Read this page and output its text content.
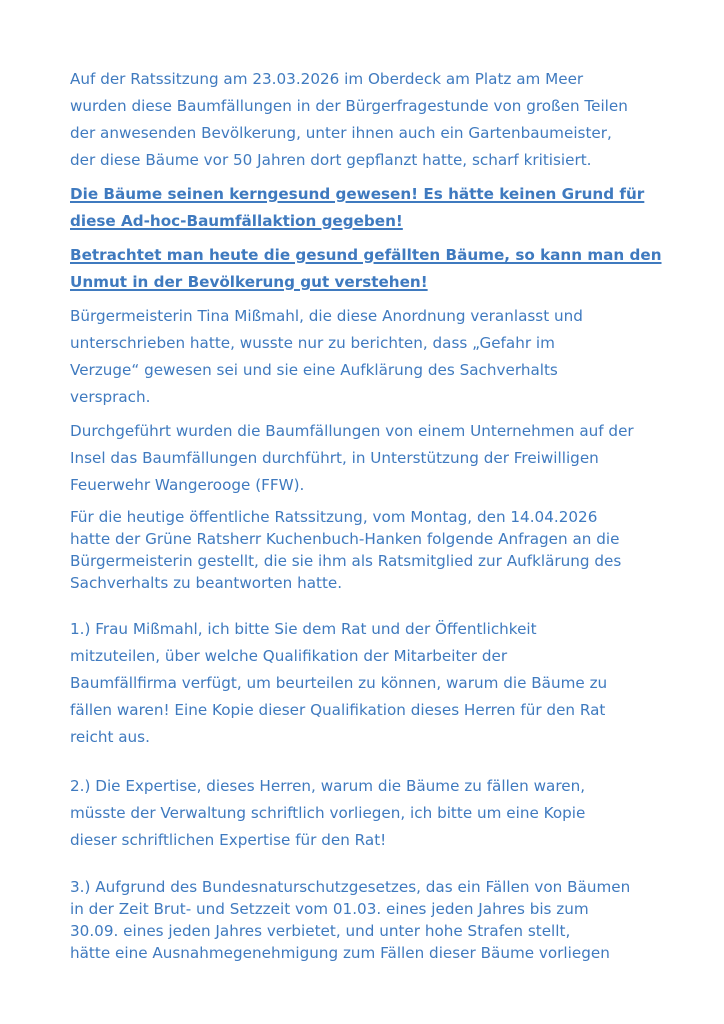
Auf der Ratssitzung am 23.03.2026 im Oberdeck am Platz am Meer
wurden diese Baumfällungen in der Bürgerfragestunde von großen Teilen
der anwesenden Bevölkerung, unter ihnen auch ein Gartenbaumeister,
der diese Bäume vor 50 Jahren dort gepflanzt hatte, scharf kritisiert.

Die Bäume seinen kerngesund gewesen! Es hätte keinen Grund für
diese Ad-hoc-Baumfällaktion gegeben!

Betrachtet man heute die gesund gefällten Bäume, so kann man den
Unmut in der Bevölkerung gut verstehen!

Bürgermeisterin Tina Mißmahl, die diese Anordnung veranlasst und
unterschrieben hatte, wusste nur zu berichten, dass „Gefahr im
Verzuge“ gewesen sei und sie eine Aufklärung des Sachverhalts
versprach.

Durchgeführt wurden die Baumfällungen von einem Unternehmen auf der
Insel das Baumfällungen durchführt, in Unterstützung der Freiwilligen
Feuerwehr Wangerooge (FFW).

Für die heutige öffentliche Ratssitzung, vom Montag, den 14.04.2026
hatte der Grüne Ratsherr Kuchenbuch-Hanken folgende Anfragen an die
Bürgermeisterin gestellt, die sie ihm als Ratsmitglied zur Aufklärung des
Sachverhalts zu beantworten hatte.

1.) Frau Mißmahl, ich bitte Sie dem Rat und der Öffentlichkeit
mitzuteilen, über welche Qualifikation der Mitarbeiter der
Baumfällfirma verfügt, um beurteilen zu können, warum die Bäume zu
fällen waren! Eine Kopie dieser Qualifikation dieses Herren für den Rat
reicht aus.

2.) Die Expertise, dieses Herren, warum die Bäume zu fällen waren,
müsste der Verwaltung schriftlich vorliegen, ich bitte um eine Kopie
dieser schriftlichen Expertise für den Rat!

3.) Aufgrund des Bundesnaturschutzgesetzes, das ein Fällen von Bäumen
in der Zeit Brut- und Setzzeit vom 01.03. eines jeden Jahres bis zum
30.09. eines jeden Jahres verbietet, und unter hohe Strafen stellt,
hätte eine Ausnahmegenehmigung zum Fällen dieser Bäume vorliegen
